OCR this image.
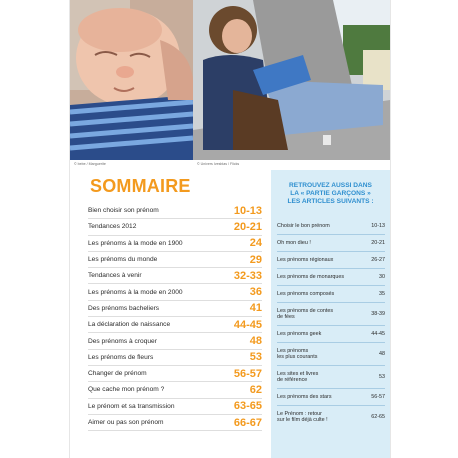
© bebe / Marguerite	© Univers Ivesblas / Flicks
SOMMAIRE
Bien choisir son prénom	10-13
Tendances 2012	20-21
Les prénoms à la mode en 1900	24
Les prénoms du monde	29
Tendances à venir	32-33
Les prénoms à la mode en 2000	36
Des prénoms bacheliers	41
La déclaration de naissance	44-45
Des prénoms à croquer	48
Les prénoms de fleurs	53
Changer de prénom	56-57
Que cache mon prénom ?	62
Le prénom et sa transmission	63-65
Aimer ou pas son prénom	66-67
RETROUVEZ AUSSI DANS
LA « PARTIE GARÇONS »
LES ARTICLES SUIVANTS :
Choisir le bon prénom	10-13
Oh mon dieu !	20-21
Les prénoms régionaux	26-27
Les prénoms de monarques	30
Les prénoms composés	35
Les prénoms de contes
de fées	38-39
Les prénoms geek	44-45
Les prénoms
les plus courants	48
Les sites et livres
de référence	53
Les prénoms des stars	56-57
Le Prénom : retour
sur le film déjà culte !	62-65
